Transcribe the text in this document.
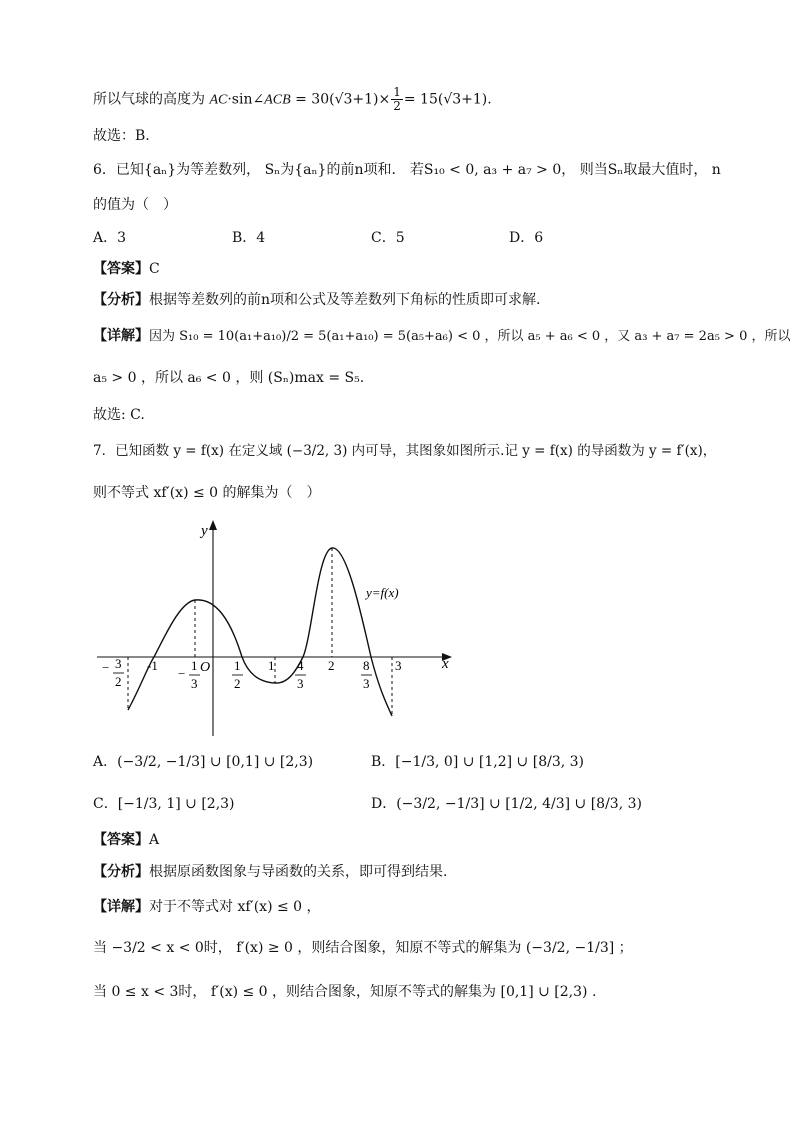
所以气球的高度为 AC·sin∠ACB = $30(√3+1)\times \frac{1}{2} = 15(√3+1)$.
故选：B.
6．已知{aₙ}为等差数列， Sₙ为{aₙ}的前n项和． 若S₁₀ < 0, a₃ + a₇ > 0， 则当Sₙ取最大值时， n
的值为（　）
A．3	B．4	C．5	D．6
【答案】C
【分析】根据等差数列的前n项和公式及等差数列下角标的性质即可求解.
【详解】因为 S₁₀ = 10(a₁+a₁₀)/2 = 5(a₁+a₁₀) = 5(a₅+a₆) < 0 ，所以 a₅ + a₆ < 0 ，又 a₃ + a₇ = 2a₅ > 0 ，所以
a₅ > 0 ，所以 a₆ < 0 ，则 (Sₙ)max = S₅.
故选: C.
7．已知函数 y = f(x) 在定义域 (−3/2, 3) 内可导，其图象如图所示.记 y = f(x) 的导函数为 y = f′(x)，
则不等式 xf′(x) ≤ 0 的解集为（　）
y
x
O
y=f(x)
− 3
2
-1
−
1
3
1
2
1 4
3
2 8
3
3
A．(−3/2, −1/3] ∪ [0,1] ∪ [2,3)	B．[−1/3, 0] ∪ [1,2] ∪ [8/3, 3)
C．[−1/3, 1] ∪ [2,3)	D．(−3/2, −1/3] ∪ [1/2, 4/3] ∪ [8/3, 3)
【答案】A
【分析】根据原函数图象与导函数的关系，即可得到结果.
【详解】对于不等式对 xf′(x) ≤ 0 ，
当 −3/2 < x < 0时， f′(x) ≥ 0 ，则结合图象，知原不等式的解集为 (−3/2, −1/3] ；
当 0 ≤ x < 3时， f′(x) ≤ 0 ，则结合图象，知原不等式的解集为 [0,1] ∪ [2,3) .
